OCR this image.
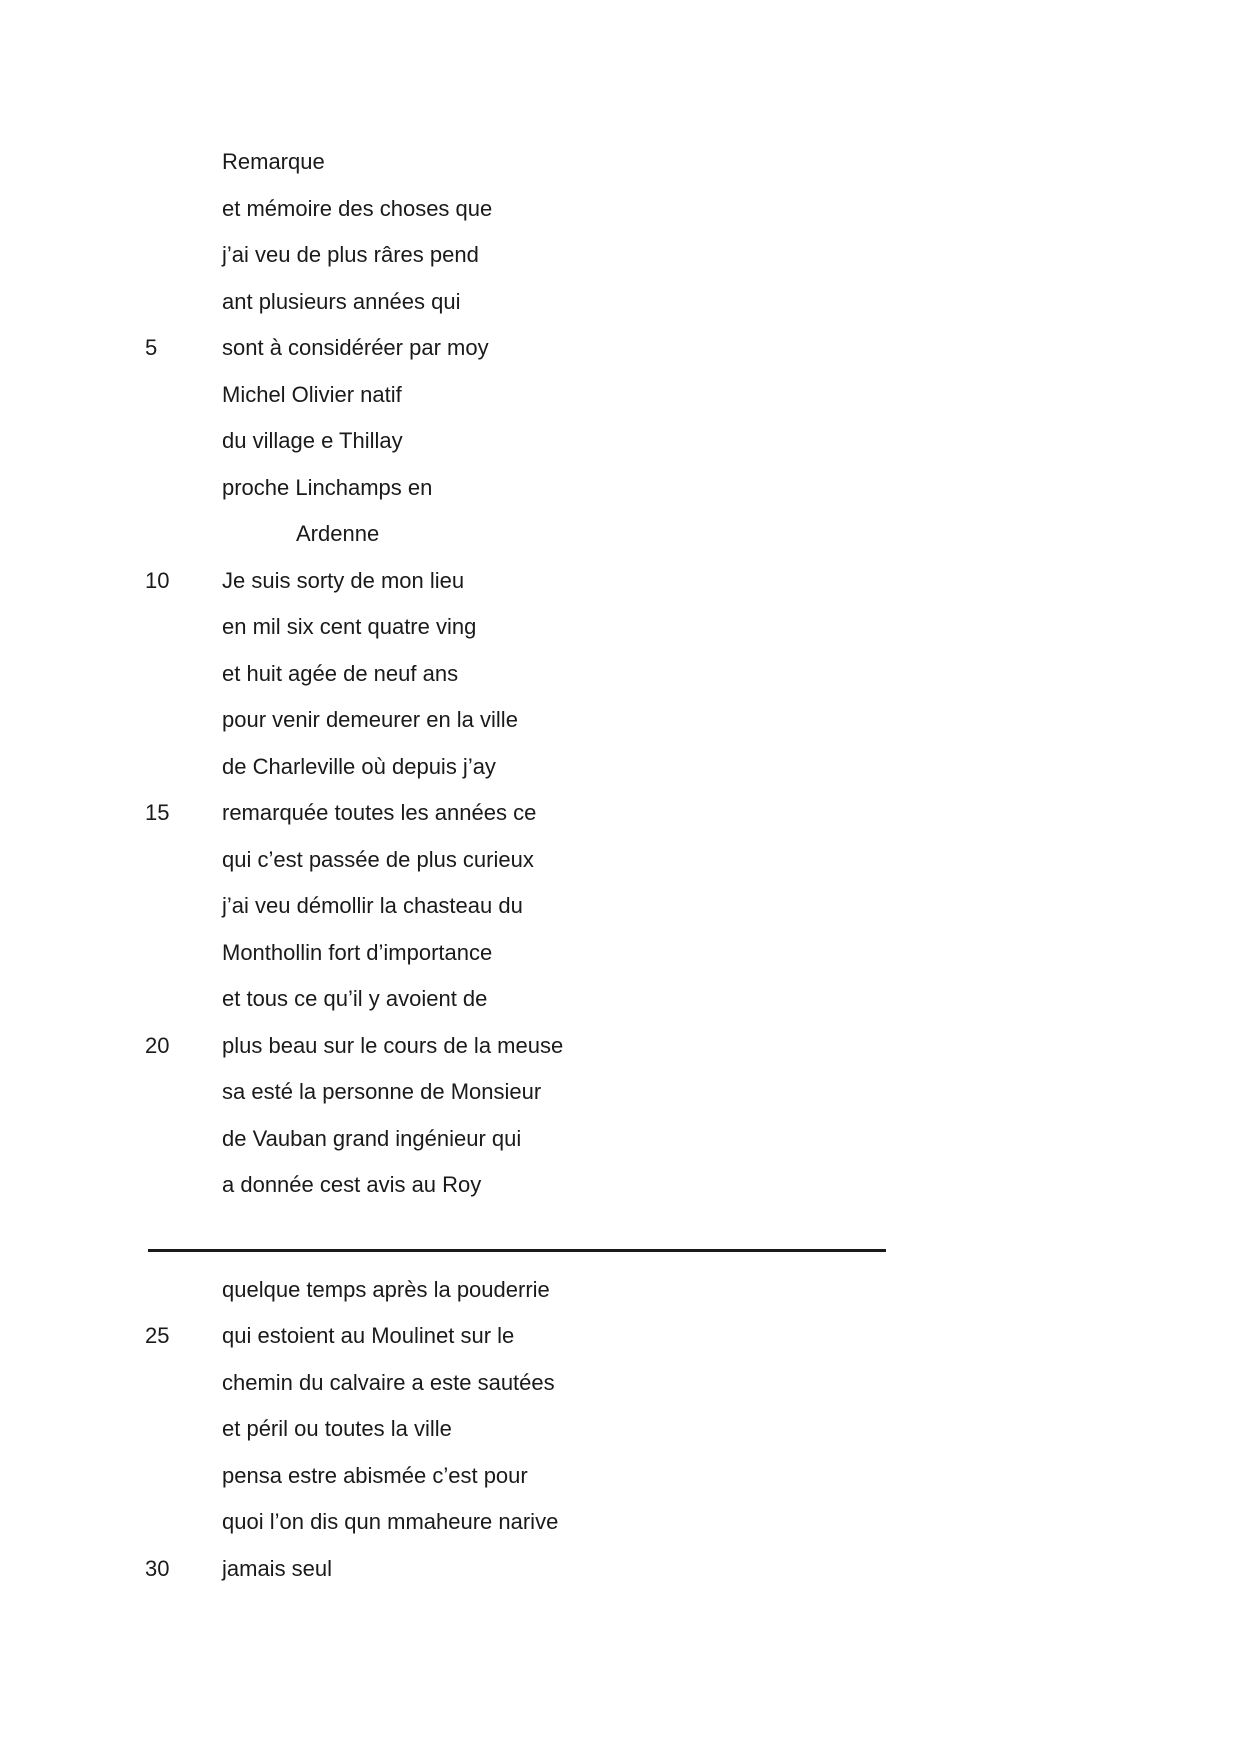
Remarque
et mémoire des choses que
j’ai veu de plus râres pend
ant plusieurs années qui
5	sont à considéréer par moy
Michel Olivier natif
du village e Thillay
proche Linchamps en
Ardenne
10 Je suis sorty de mon lieu
en mil six cent quatre ving
et huit agée de neuf ans
pour venir demeurer en la ville
de Charleville où depuis j’ay
15 remarquée toutes les années ce
qui c’est passée de plus curieux
j’ai veu démollir la chasteau du
Monthollin fort d’importance
et tous ce qu’il y avoient de
20 plus beau sur le cours de la meuse
sa esté la personne de Monsieur
de Vauban grand ingénieur qui
a donnée cest avis au Roy
quelque temps après la pouderrie
25 qui estoient au Moulinet sur le
chemin du calvaire a este sautées
et péril ou toutes la ville
pensa estre abismée c’est pour
quoi l’on dis qun mmaheure narive
30 jamais seul
